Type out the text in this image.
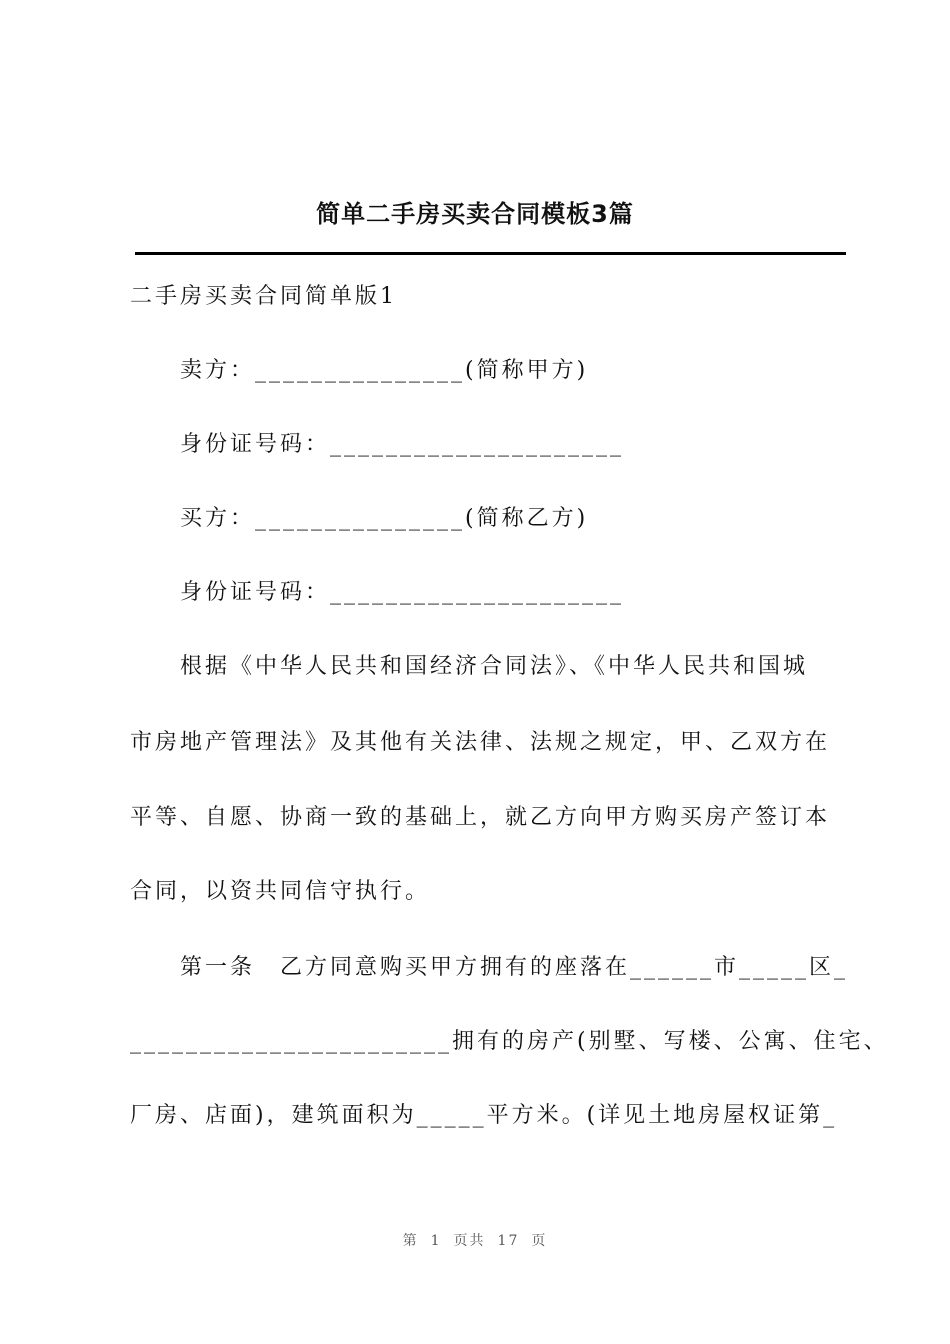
简单二手房买卖合同模板3篇
二手房买卖合同简单版1
卖方：_______________(简称甲方)
身份证号码：_____________________
买方：_______________(简称乙方)
身份证号码：_____________________
根据《中华人民共和国经济合同法》、《中华人民共和国城
市房地产管理法》及其他有关法律、法规之规定，甲、乙双方在
平等、自愿、协商一致的基础上，就乙方向甲方购买房产签订本
合同，以资共同信守执行。
第一条　乙方同意购买甲方拥有的座落在______市_____区_
_______________________拥有的房产(别墅、写楼、公寓、住宅、
厂房、店面)，建筑面积为_____平方米。(详见土地房屋权证第_
第 1 页共 17 页
